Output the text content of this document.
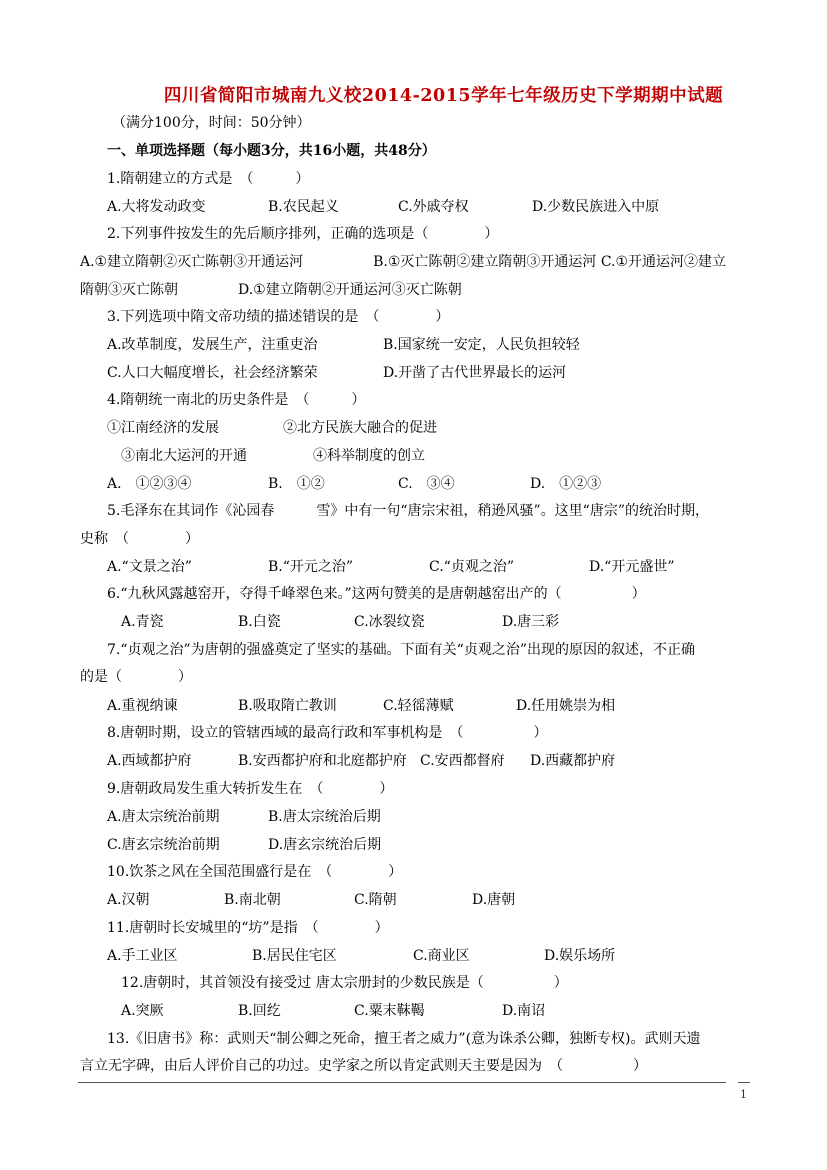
四川省简阳市城南九义校2014-2015学年七年级历史下学期期中试题
（满分100分，时间：50分钟）
一、单项选择题（每小题3分，共16小题，共48分）
1.隋朝建立的方式是　（　　　）
A.大将发动政变	B.农民起义	C.外戚夺权	D.少数民族进入中原
2.下列事件按发生的先后顺序排列，正确的选项是（　　　　）
A.①建立隋朝②灭亡陈朝③开通运河　　　　　B.①灭亡陈朝②建立隋朝③开通运河 C.①开通运河②建立
隋朝③灭亡陈朝	D.①建立隋朝②开通运河③灭亡陈朝
3.下列选项中隋文帝功绩的描述错误的是　（　　　　）
A.改革制度，发展生产，注重吏治	B.国家统一安定，人民负担较轻
C.人口大幅度增长，社会经济繁荣	D.开凿了古代世界最长的运河
4.隋朝统一南北的历史条件是　（　　　）
①江南经济的发展	②北方民族大融合的促进
③南北大运河的开通	④科举制度的创立
A.　①②③④	B.　①②	C.　③④	D.　①②③
5.毛泽东在其词作《沁园春　　　雪》中有一句“唐宗宋祖，稍逊风骚”。这里“唐宗”的统治时期，
史称　（　　　　）
A.“文景之治”	B.“开元之治”	C.“贞观之治”	D.“开元盛世”
6.“九秋风露越窑开，夺得千峰翠色来。”这两句赞美的是唐朝越窑出产的（　　　　　）
A.青瓷	B.白瓷	C.冰裂纹瓷	D.唐三彩
7.“贞观之治”为唐朝的强盛奠定了坚实的基础。下面有关“贞观之治”出现的原因的叙述，不正确
的是（　　　　）
A.重视纳谏	B.吸取隋亡教训	C.轻徭薄赋	D.任用姚崇为相
8.唐朝时期，设立的管辖西域的最高行政和军事机构是　（　　　　　）
A.西域都护府	B.安西都护府和北庭都护府 C.安西都督府 D.西藏都护府
9.唐朝政局发生重大转折发生在　（　　　　）
A.唐太宗统治前期	B.唐太宗统治后期
C.唐玄宗统治前期	D.唐玄宗统治后期
10.饮茶之风在全国范围盛行是在　（　　　　）
A.汉朝	B.南北朝	C.隋朝	D.唐朝
11.唐朝时长安城里的“坊”是指　（　　　　）
A.手工业区	B.居民住宅区	C.商业区	D.娱乐场所
12.唐朝时，其首领没有接受过 唐太宗册封的少数民族是（　　　　　）
A.突厥	B.回纥	C.粟末靺鞨	D.南诏
13.《旧唐书》称：武则天“制公卿之死命，擅王者之威力”(意为诛杀公卿，独断专权)。武则天遗
言立无字碑，由后人评价自己的功过。史学家之所以肯定武则天主要是因为　（　　　　　）
1
